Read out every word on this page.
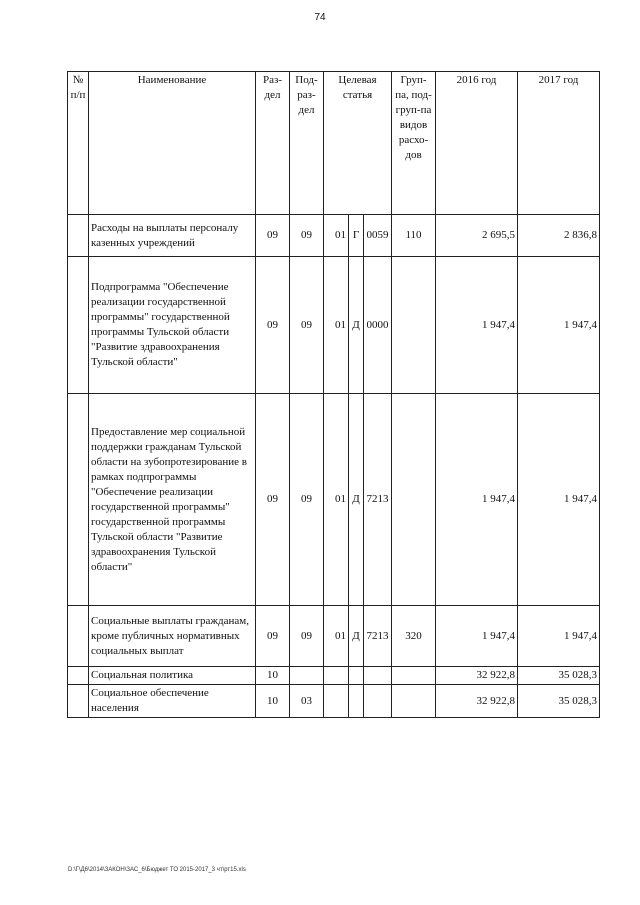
74
№ п/п	Наименование	Раз-дел	Под-раз-дел	Целевая статья			Груп-па, под-груп-па видов расхо-дов	2016 год	2017 год
	Расходы на выплаты персоналу казенных учреждений	09	09	01	Г	0059	110	2 695,5	2 836,8
	Подпрограмма "Обеспечение реализации государственной программы" государственной программы Тульской области "Развитие здравоохранения Тульской области"	09	09	01	Д	0000		1 947,4	1 947,4
	Предоставление мер социальной поддержки гражданам Тульской области на зубопротезирование в рамках подпрограммы "Обеспечение реализации государственной программы" государственной программы Тульской области "Развитие здравоохранения Тульской области"	09	09	01	Д	7213		1 947,4	1 947,4
	Социальные выплаты гражданам, кроме публичных нормативных социальных выплат	09	09	01	Д	7213	320	1 947,4	1 947,4
	Социальная политика	10						32 922,8	35 028,3
	Социальное обеспечение населения	10	03					32 922,8	35 028,3
D:\Г\Д6\2014\ЗАКОН\ЗАС_6\Бюджет ТО 2015-2017_3 чт\рт15.xls
